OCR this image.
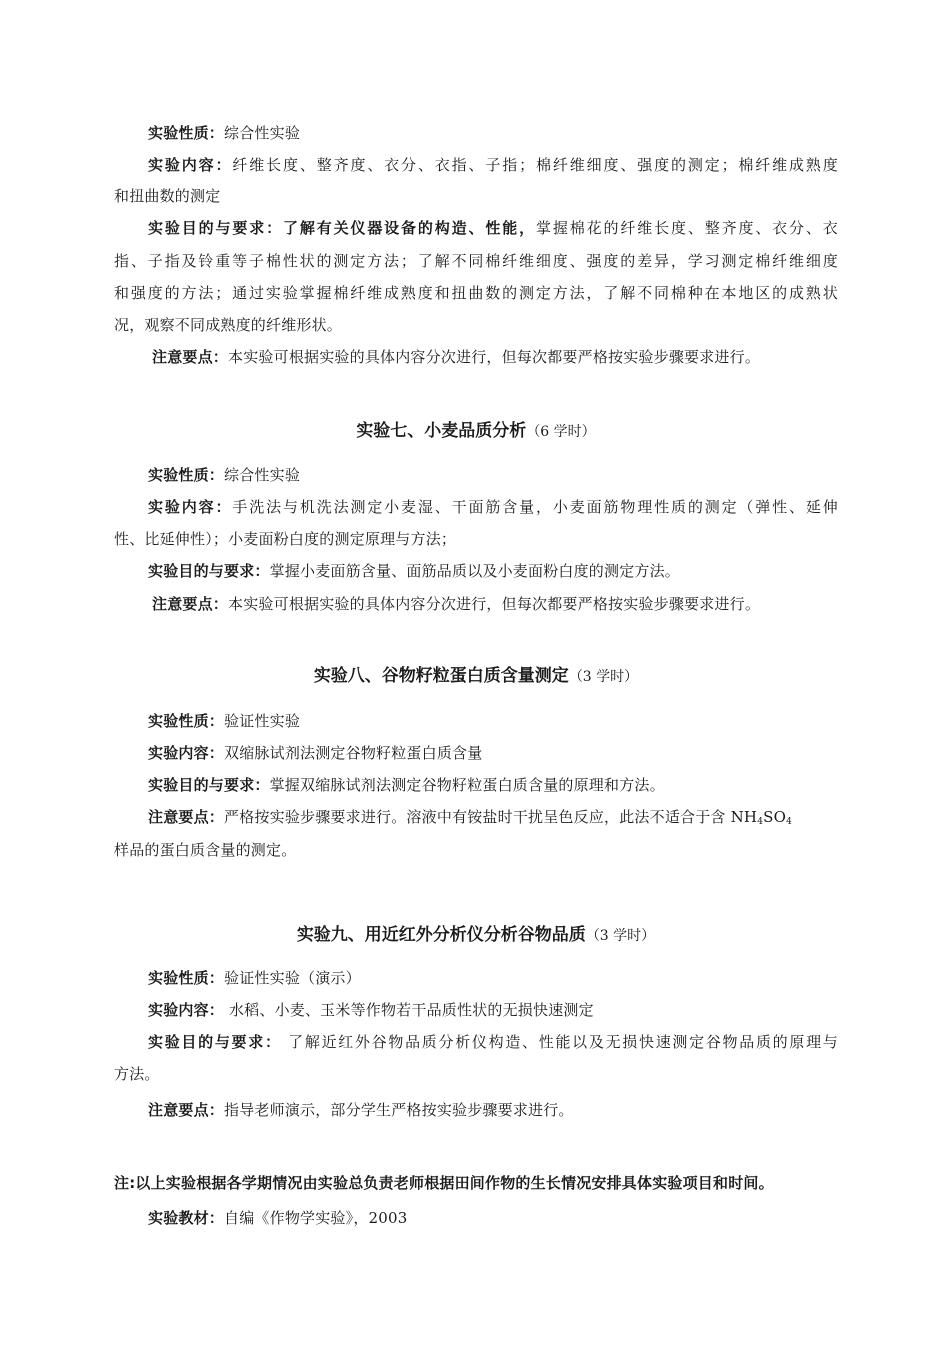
实验性质：综合性实验
实验内容：纤维长度、整齐度、衣分、衣指、子指；棉纤维细度、强度的测定；棉纤维成熟度
和扭曲数的测定
实验目的与要求：了解有关仪器设备的构造、性能，掌握棉花的纤维长度、整齐度、衣分、衣
指、子指及铃重等子棉性状的测定方法；了解不同棉纤维细度、强度的差异，学习测定棉纤维细度
和强度的方法；通过实验掌握棉纤维成熟度和扭曲数的测定方法，了解不同棉种在本地区的成熟状
况，观察不同成熟度的纤维形状。
注意要点：本实验可根据实验的具体内容分次进行，但每次都要严格按实验步骤要求进行。
实验七、小麦品质分析（6 学时）
实验性质：综合性实验
实验内容：手洗法与机洗法测定小麦湿、干面筋含量，小麦面筋物理性质的测定（弹性、延伸
性、比延伸性）；小麦面粉白度的测定原理与方法；
实验目的与要求：掌握小麦面筋含量、面筋品质以及小麦面粉白度的测定方法。
注意要点：本实验可根据实验的具体内容分次进行，但每次都要严格按实验步骤要求进行。
实验八、谷物籽粒蛋白质含量测定（3 学时）
实验性质：验证性实验
实验内容：双缩脉试剂法测定谷物籽粒蛋白质含量
实验目的与要求：掌握双缩脉试剂法测定谷物籽粒蛋白质含量的原理和方法。
注意要点：严格按实验步骤要求进行。溶液中有铵盐时干扰呈色反应，此法不适合于含 $NH_4SO_4$
样品的蛋白质含量的测定。
实验九、用近红外分析仪分析谷物品质（3 学时）
实验性质：验证性实验（演示）
实验内容： 水稻、小麦、玉米等作物若干品质性状的无损快速测定
实验目的与要求： 了解近红外谷物品质分析仪构造、性能以及无损快速测定谷物品质的原理与
方法。
注意要点：指导老师演示，部分学生严格按实验步骤要求进行。
注:以上实验根据各学期情况由实验总负责老师根据田间作物的生长情况安排具体实验项目和时间。
实验教材：自编《作物学实验》，2003
